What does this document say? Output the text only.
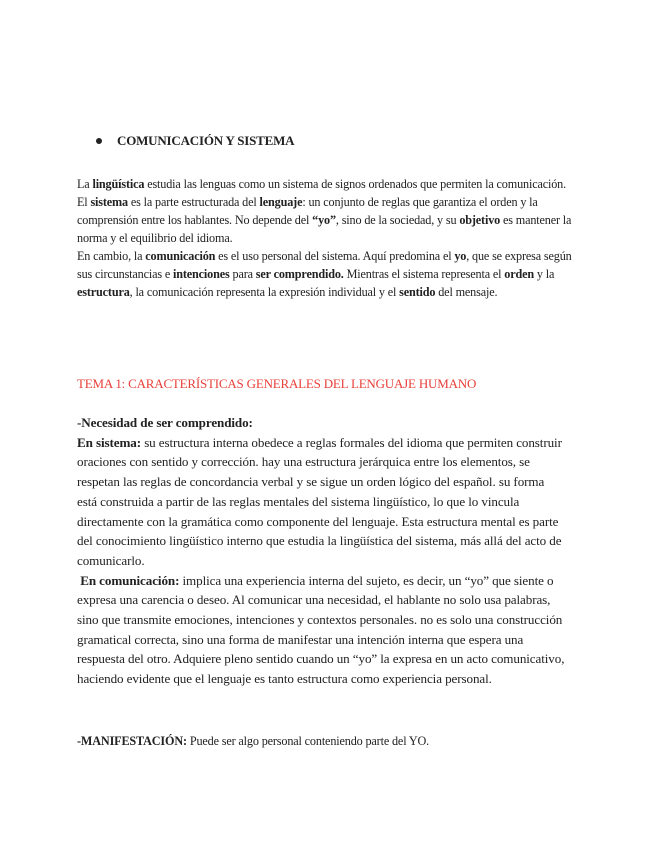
COMUNICACIÓN Y SISTEMA

La lingüística estudia las lenguas como un sistema de signos ordenados que permiten la comunicación.

El sistema es la parte estructurada del lenguaje: un conjunto de reglas que garantiza el orden y la comprensión entre los hablantes. No depende del “yo”, sino de la sociedad, y su objetivo es mantener la norma y el equilibrio del idioma.

En cambio, la comunicación es el uso personal del sistema. Aquí predomina el yo, que se expresa según sus circunstancias e intenciones para ser comprendido. Mientras el sistema representa el orden y la estructura, la comunicación representa la expresión individual y el sentido del mensaje.

TEMA 1: CARACTERÍSTICAS GENERALES DEL LENGUAJE HUMANO

-Necesidad de ser comprendido:

En sistema: su estructura interna obedece a reglas formales del idioma que permiten construir oraciones con sentido y corrección. hay una estructura jerárquica entre los elementos, se respetan las reglas de concordancia verbal y se sigue un orden lógico del español. su forma está construida a partir de las reglas mentales del sistema lingüístico, lo que lo vincula directamente con la gramática como componente del lenguaje. Esta estructura mental es parte del conocimiento lingüístico interno que estudia la lingüística del sistema, más allá del acto de comunicarlo.

En comunicación: implica una experiencia interna del sujeto, es decir, un “yo” que siente o expresa una carencia o deseo. Al comunicar una necesidad, el hablante no solo usa palabras, sino que transmite emociones, intenciones y contextos personales. no es solo una construcción gramatical correcta, sino una forma de manifestar una intención interna que espera una respuesta del otro. Adquiere pleno sentido cuando un “yo” la expresa en un acto comunicativo, haciendo evidente que el lenguaje es tanto estructura como experiencia personal.

-MANIFESTACIÓN: Puede ser algo personal conteniendo parte del YO.
